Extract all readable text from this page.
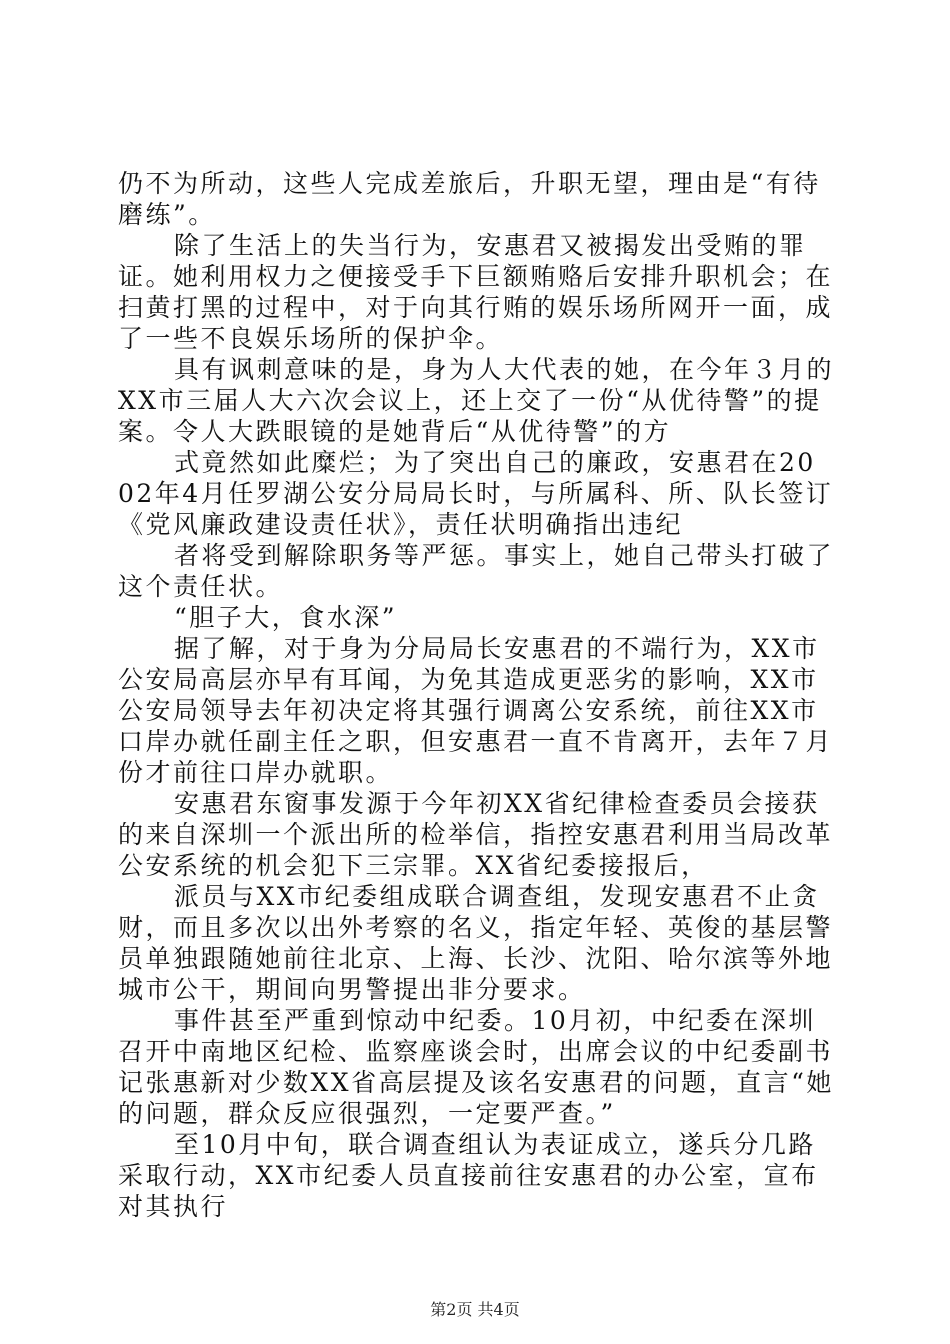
仍不为所动，这些人完成差旅后，升职无望，理由是“有待磨练”。

除了生活上的失当行为，安惠君又被揭发出受贿的罪证。她利用权力之便接受手下巨额贿赂后安排升职机会；在扫黄打黑的过程中，对于向其行贿的娱乐场所网开一面，成了一些不良娱乐场所的保护伞。

具有讽刺意味的是，身为人大代表的她，在今年３月的XX市三届人大六次会议上，还上交了一份“从优待警”的提案。令人大跌眼镜的是她背后“从优待警”的方

式竟然如此糜烂；为了突出自己的廉政，安惠君在2002年4月任罗湖公安分局局长时，与所属科、所、队长签订《党风廉政建设责任状》，责任状明确指出违纪

者将受到解除职务等严惩。事实上，她自己带头打破了这个责任状。

“胆子大，食水深”

据了解，对于身为分局局长安惠君的不端行为，XX市公安局高层亦早有耳闻，为免其造成更恶劣的影响，XX市公安局领导去年初决定将其强行调离公安系统，前往XX市口岸办就任副主任之职，但安惠君一直不肯离开，去年７月份才前往口岸办就职。

安惠君东窗事发源于今年初XX省纪律检查委员会接获的来自深圳一个派出所的检举信，指控安惠君利用当局改革公安系统的机会犯下三宗罪。XX省纪委接报后，

派员与XX市纪委组成联合调查组，发现安惠君不止贪财，而且多次以出外考察的名义，指定年轻、英俊的基层警员单独跟随她前往北京、上海、长沙、沈阳、哈尔滨等外地城市公干，期间向男警提出非分要求。

事件甚至严重到惊动中纪委。10月初，中纪委在深圳召开中南地区纪检、监察座谈会时，出席会议的中纪委副书记张惠新对少数XX省高层提及该名安惠君的问题，直言“她的问题，群众反应很强烈，一定要严查。”

至10月中旬，联合调查组认为表证成立，遂兵分几路采取行动，XX市纪委人员直接前往安惠君的办公室，宣布对其执行

第2页 共4页
